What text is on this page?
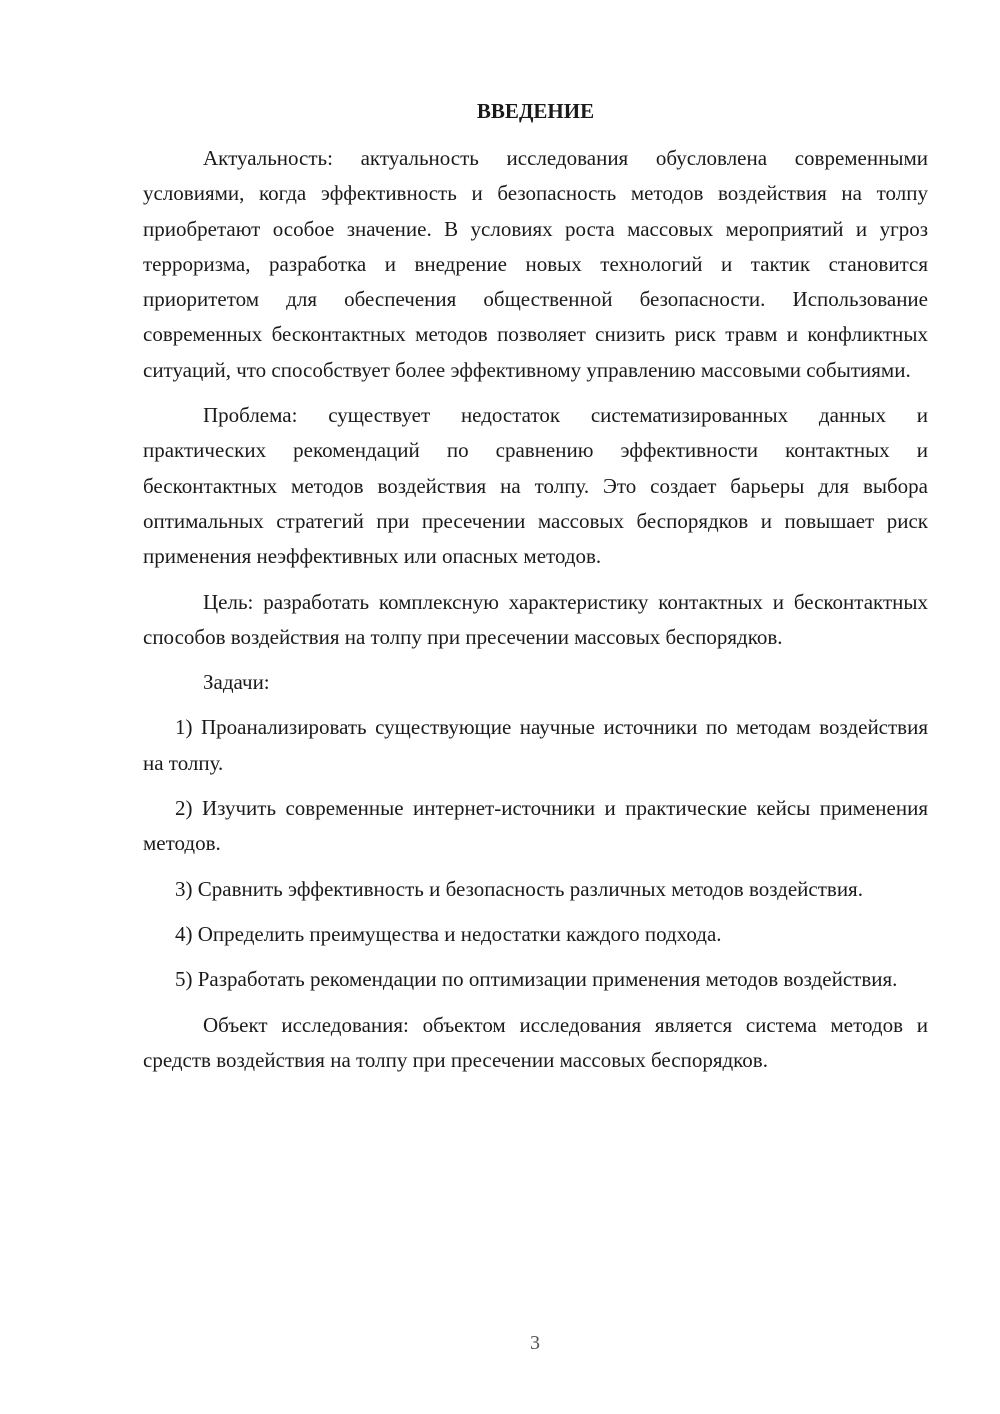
ВВЕДЕНИЕ

Актуальность: актуальность исследования обусловлена современными условиями, когда эффективность и безопасность методов воздействия на толпу приобретают особое значение. В условиях роста массовых мероприятий и угроз терроризма, разработка и внедрение новых технологий и тактик становится приоритетом для обеспечения общественной безопасности. Использование современных бесконтактных методов позволяет снизить риск травм и конфликтных ситуаций, что способствует более эффективному управлению массовыми событиями.

Проблема: существует недостаток систематизированных данных и практических рекомендаций по сравнению эффективности контактных и бесконтактных методов воздействия на толпу. Это создает барьеры для выбора оптимальных стратегий при пресечении массовых беспорядков и повышает риск применения неэффективных или опасных методов.

Цель: разработать комплексную характеристику контактных и бесконтактных способов воздействия на толпу при пресечении массовых беспорядков.

Задачи:

1) Проанализировать существующие научные источники по методам воздействия на толпу.

2) Изучить современные интернет-источники и практические кейсы применения методов.

3) Сравнить эффективность и безопасность различных методов воздействия.

4) Определить преимущества и недостатки каждого подхода.

5) Разработать рекомендации по оптимизации применения методов воздействия.

Объект исследования: объектом исследования является система методов и средств воздействия на толпу при пресечении массовых беспорядков.

3
